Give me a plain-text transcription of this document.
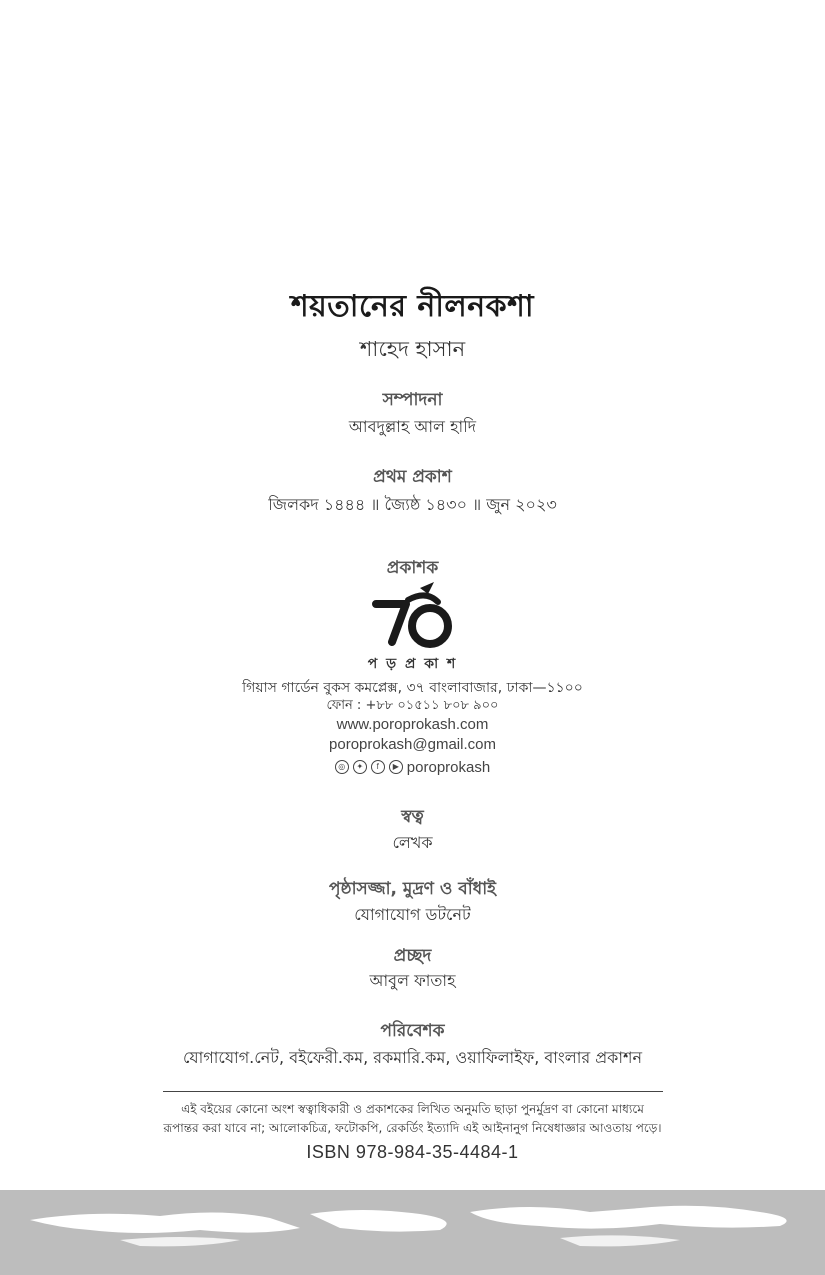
শয়তানের নীলনকশা
শাহেদ হাসান
সম্পাদনা
আবদুল্লাহ আল হাদি
প্রথম প্রকাশ
জিলকদ ১৪৪৪ ॥ জ্যৈষ্ঠ ১৪৩০ ॥ জুন ২০২৩
প্রকাশক
প ড় প্র কা শ
গিয়াস গার্ডেন বুকস কমপ্লেক্স, ৩৭ বাংলাবাজার, ঢাকা—১১০০
ফোন : +৮৮ ০১৫১১ ৮০৮ ৯০০
www.poroprokash.com
poroprokash@gmail.com
◎	✦	f	▶ poroprokash
স্বত্ব
লেখক
পৃষ্ঠাসজ্জা, মুদ্রণ ও বাঁধাই
যোগাযোগ ডটনেট
প্রচ্ছদ
আবুল ফাতাহ
পরিবেশক
যোগাযোগ.নেট, বইফেরী.কম, রকমারি.কম, ওয়াফিলাইফ, বাংলার প্রকাশন
এই বইয়ের কোনো অংশ স্বত্বাধিকারী ও প্রকাশকের লিখিত অনুমতি ছাড়া পুনর্মুদ্রণ বা কোনো মাধ্যমে
রূপান্তর করা যাবে না; আলোকচিত্র, ফটোকপি, রেকর্ডিং ইত্যাদি এই আইনানুগ নিষেধাজ্ঞার আওতায় পড়ে।
ISBN 978-984-35-4484-1
